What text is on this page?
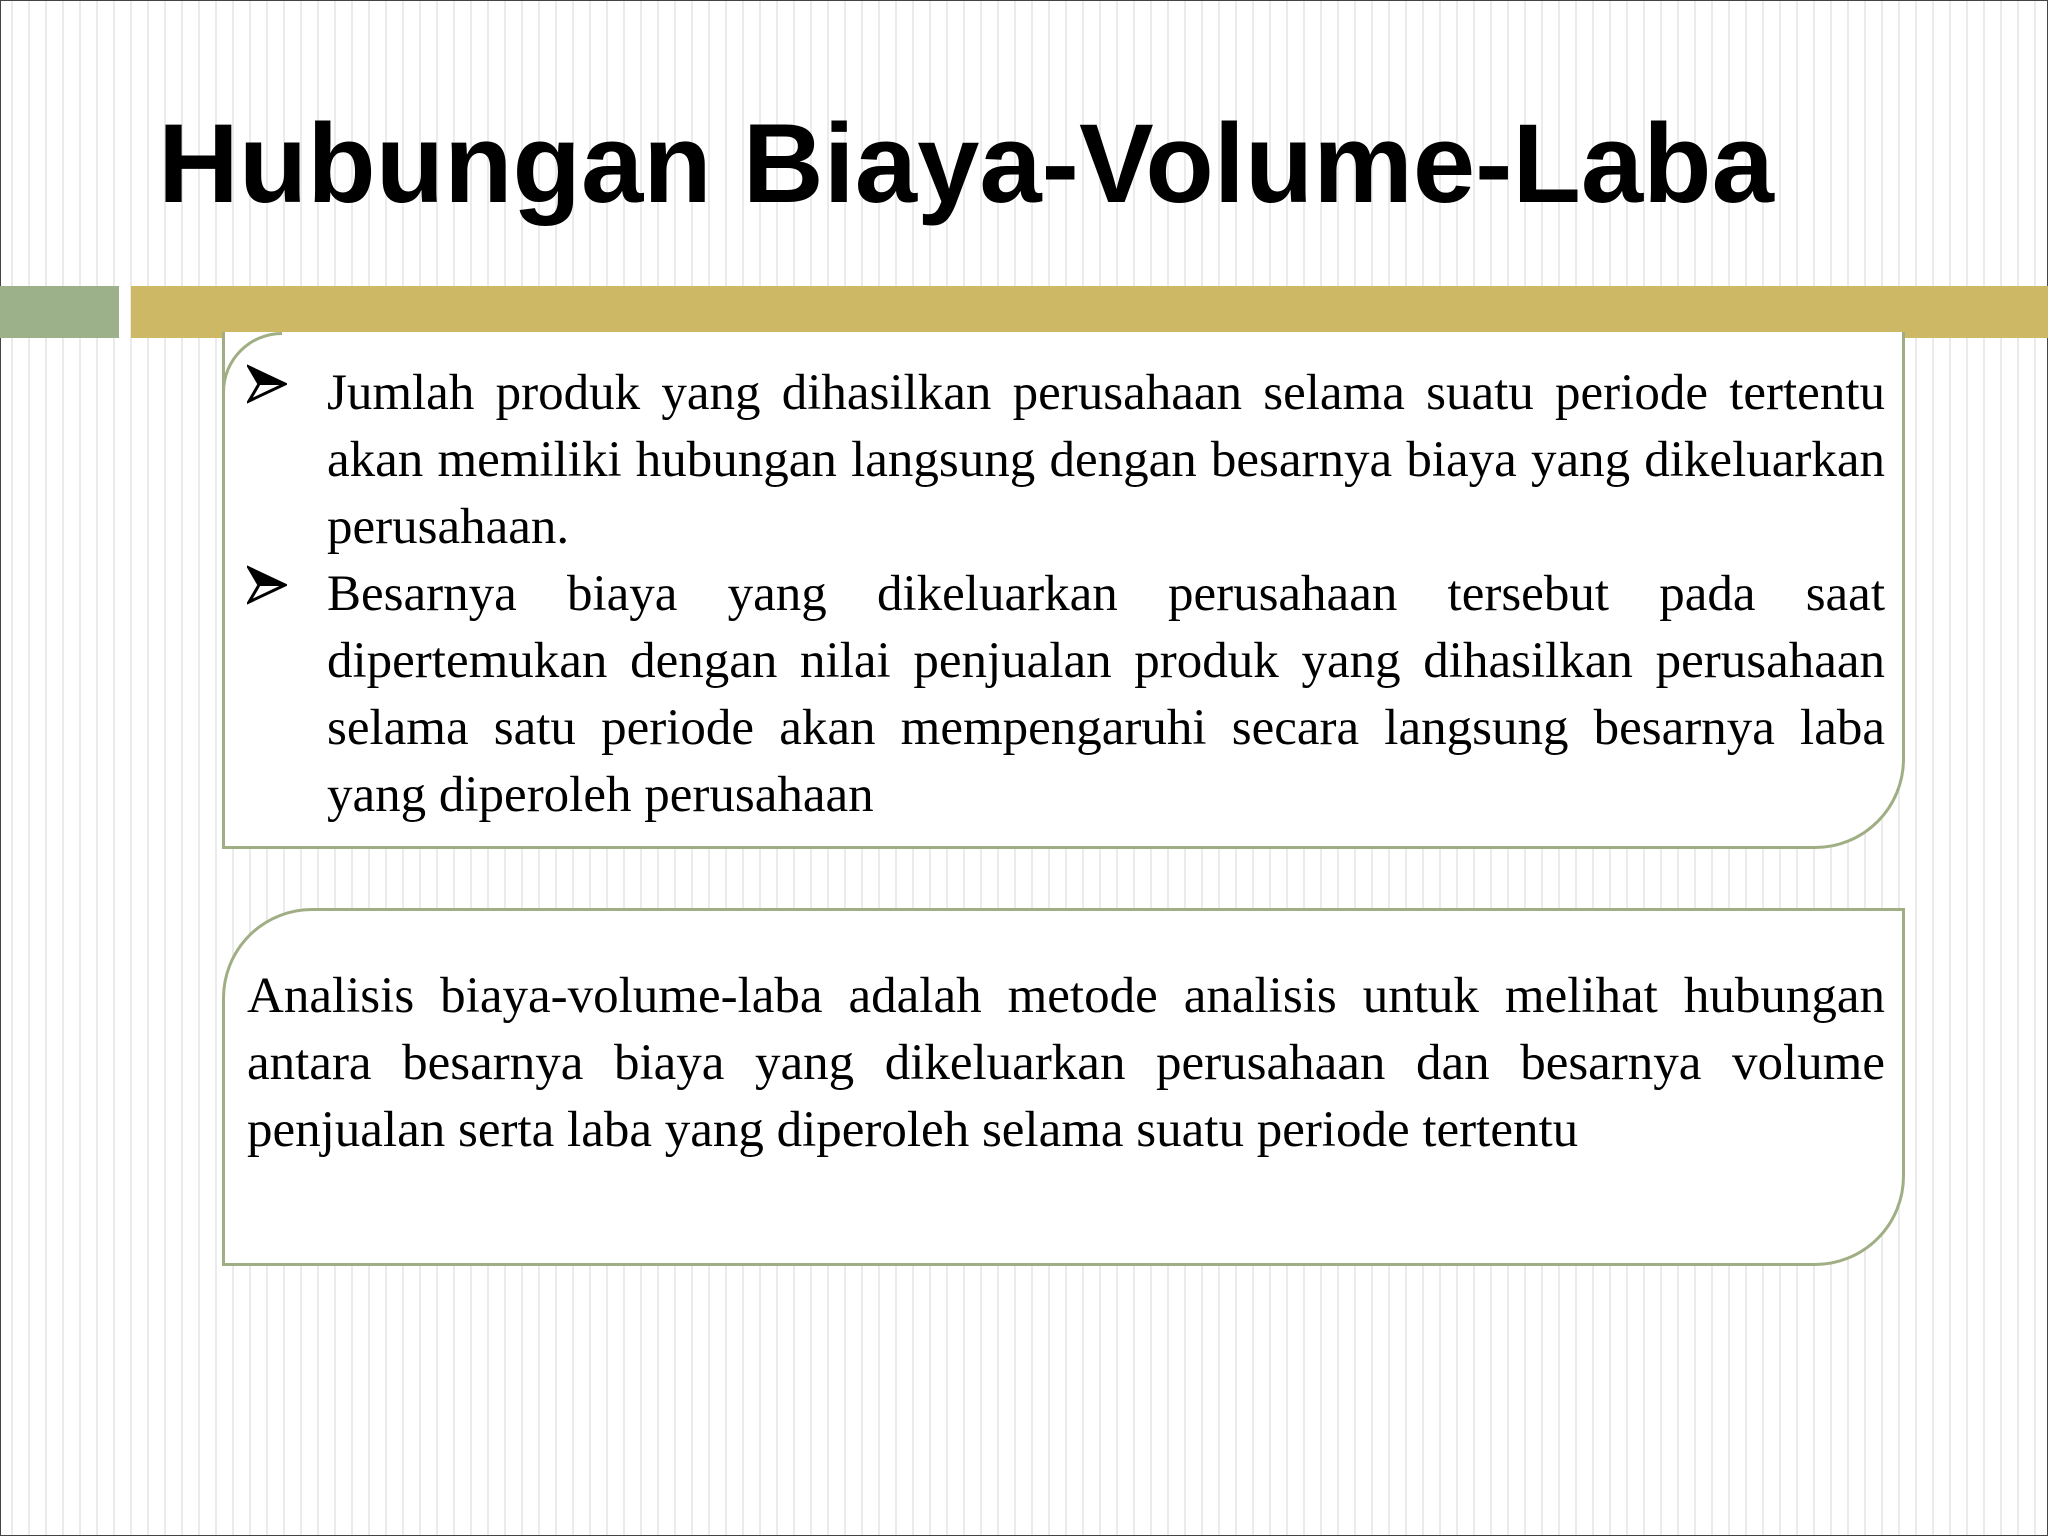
Hubungan Biaya-Volume-Laba
Jumlah produk yang dihasilkan perusahaan selama suatu periode tertentu akan memiliki hubungan langsung dengan besarnya biaya yang dikeluarkan perusahaan.
Besarnya biaya yang dikeluarkan perusahaan tersebut pada saat dipertemukan dengan nilai penjualan produk yang dihasilkan perusahaan selama satu periode akan mempengaruhi secara langsung besarnya laba yang diperoleh perusahaan

Analisis biaya-volume-laba adalah metode analisis untuk melihat hubungan antara besarnya biaya yang dikeluarkan perusahaan dan besarnya volume penjualan serta laba yang diperoleh selama suatu periode tertentu
